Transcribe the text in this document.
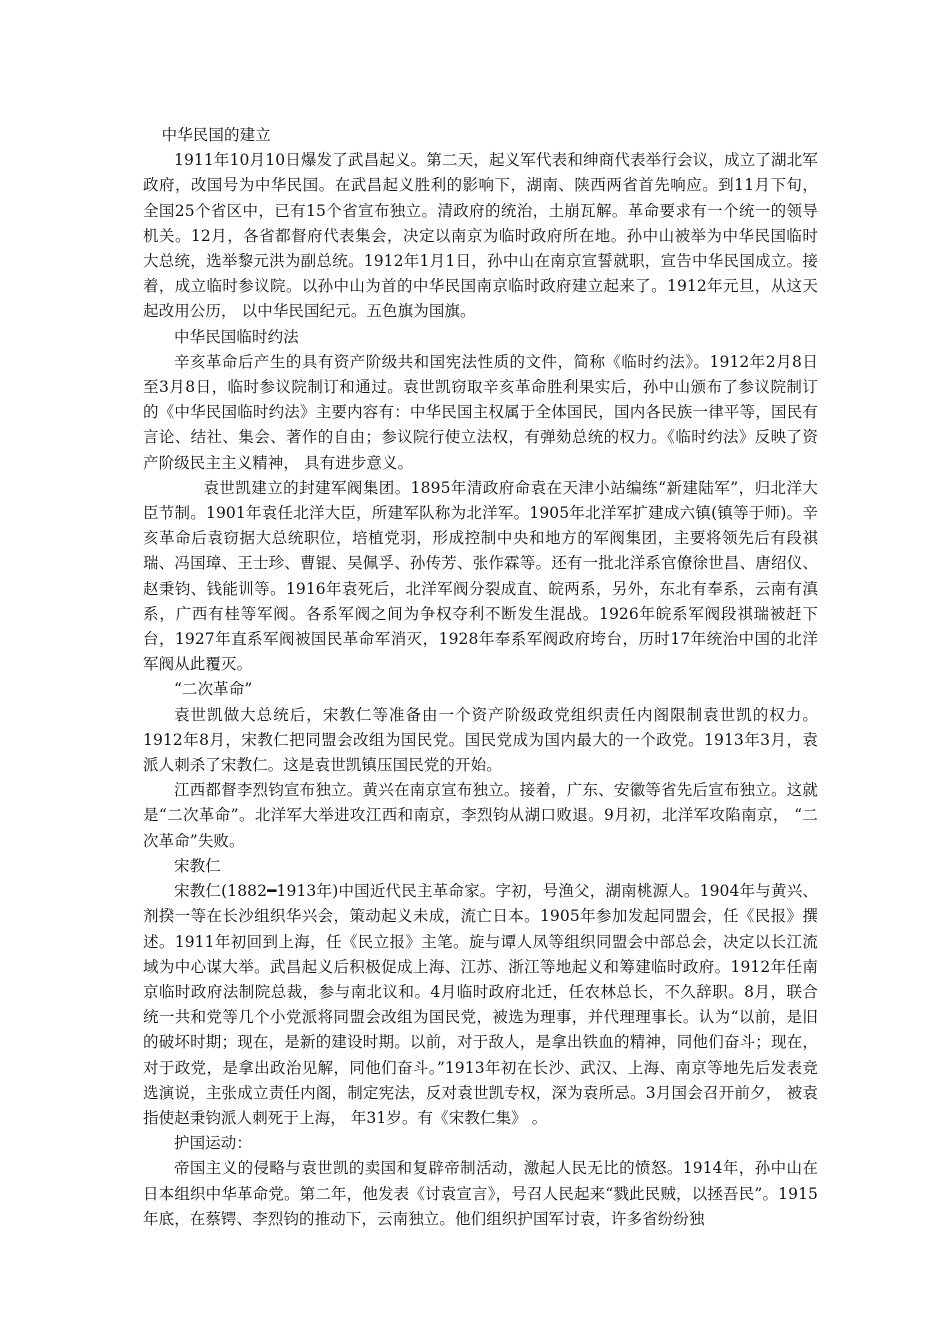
中华民国的建立

1911年10月10日爆发了武昌起义。第二天，起义军代表和绅商代表举行会议，成立了湖北军政府，改国号为中华民国。在武昌起义胜利的影响下，湖南、陕西两省首先响应。到11月下旬，全国25个省区中，已有15个省宣布独立。清政府的统治，土崩瓦解。革命要求有一个统一的领导机关。12月，各省都督府代表集会，决定以南京为临时政府所在地。孙中山被举为中华民国临时大总统，选举黎元洪为副总统。1912年1月1日，孙中山在南京宣誓就职，宣告中华民国成立。接着，成立临时参议院。以孙中山为首的中华民国南京临时政府建立起来了。1912年元旦，从这天起改用公历， 以中华民国纪元。五色旗为国旗。

中华民国临时约法

辛亥革命后产生的具有资产阶级共和国宪法性质的文件，简称《临时约法》。1912年2月8日至3月8日，临时参议院制订和通过。袁世凯窃取辛亥革命胜利果实后，孙中山颁布了参议院制订的《中华民国临时约法》主要内容有：中华民国主权属于全体国民，国内各民族一律平等，国民有言论、结社、集会、著作的自由；参议院行使立法权，有弹劾总统的权力。《临时约法》反映了资产阶级民主主义精神， 具有进步意义。

袁世凯建立的封建军阀集团。1895年清政府命袁在天津小站编练“新建陆军”，归北洋大臣节制。1901年袁任北洋大臣，所建军队称为北洋军。1905年北洋军扩建成六镇(镇等于师)。辛亥革命后袁窃据大总统职位，培植党羽，形成控制中央和地方的军阀集团，主要将领先后有段祺瑞、冯国璋、王士珍、曹锟、吴佩孚、孙传芳、张作霖等。还有一批北洋系官僚徐世昌、唐绍仪、赵秉钧、钱能训等。1916年袁死后，北洋军阀分裂成直、皖两系，另外，东北有奉系，云南有滇系，广西有桂等军阀。各系军阀之间为争权夺利不断发生混战。1926年皖系军阀段祺瑞被赶下台，1927年直系军阀被国民革命军消灭，1928年奉系军阀政府垮台，历时17年统治中国的北洋军阀从此覆灭。

“二次革命”

袁世凯做大总统后，宋教仁等准备由一个资产阶级政党组织责任内阁限制袁世凯的权力。1912年8月，宋教仁把同盟会改组为国民党。国民党成为国内最大的一个政党。1913年3月，袁派人刺杀了宋教仁。这是袁世凯镇压国民党的开始。

江西都督李烈钧宣布独立。黄兴在南京宣布独立。接着，广东、安徽等省先后宣布独立。这就是“二次革命”。北洋军大举进攻江西和南京，李烈钧从湖口败退。9月初，北洋军攻陷南京， “二次革命”失败。

宋教仁

宋教仁(1882━1913年)中国近代民主革命家。字初，号渔父，湖南桃源人。1904年与黄兴、剂揆一等在长沙组织华兴会，策动起义未成，流亡日本。1905年参加发起同盟会，任《民报》撰述。1911年初回到上海，任《民立报》主笔。旋与谭人凤等组织同盟会中部总会，决定以长江流域为中心谋大举。武昌起义后积极促成上海、江苏、浙江等地起义和筹建临时政府。1912年任南京临时政府法制院总裁，参与南北议和。4月临时政府北迁，任农林总长，不久辞职。8月，联合统一共和党等几个小党派将同盟会改组为国民党，被选为理事，并代理理事长。认为“以前，是旧的破坏时期；现在，是新的建设时期。以前，对于敌人，是拿出铁血的精神，同他们奋斗；现在，对于政党，是拿出政治见解，同他们奋斗。”1913年初在长沙、武汉、上海、南京等地先后发表竞选演说，主张成立责任内阁，制定宪法，反对袁世凯专权，深为袁所忌。3月国会召开前夕， 被袁指使赵秉钧派人刺死于上海， 年31岁。有《宋教仁集》 。

护国运动：

帝国主义的侵略与袁世凯的卖国和复辟帝制活动，激起人民无比的愤怒。1914年，孙中山在日本组织中华革命党。第二年，他发表《讨袁宣言》，号召人民起来“戮此民贼，以拯吾民”。1915年底，在蔡锷、李烈钧的推动下，云南独立。他们组织护国军讨袁，许多省纷纷独
